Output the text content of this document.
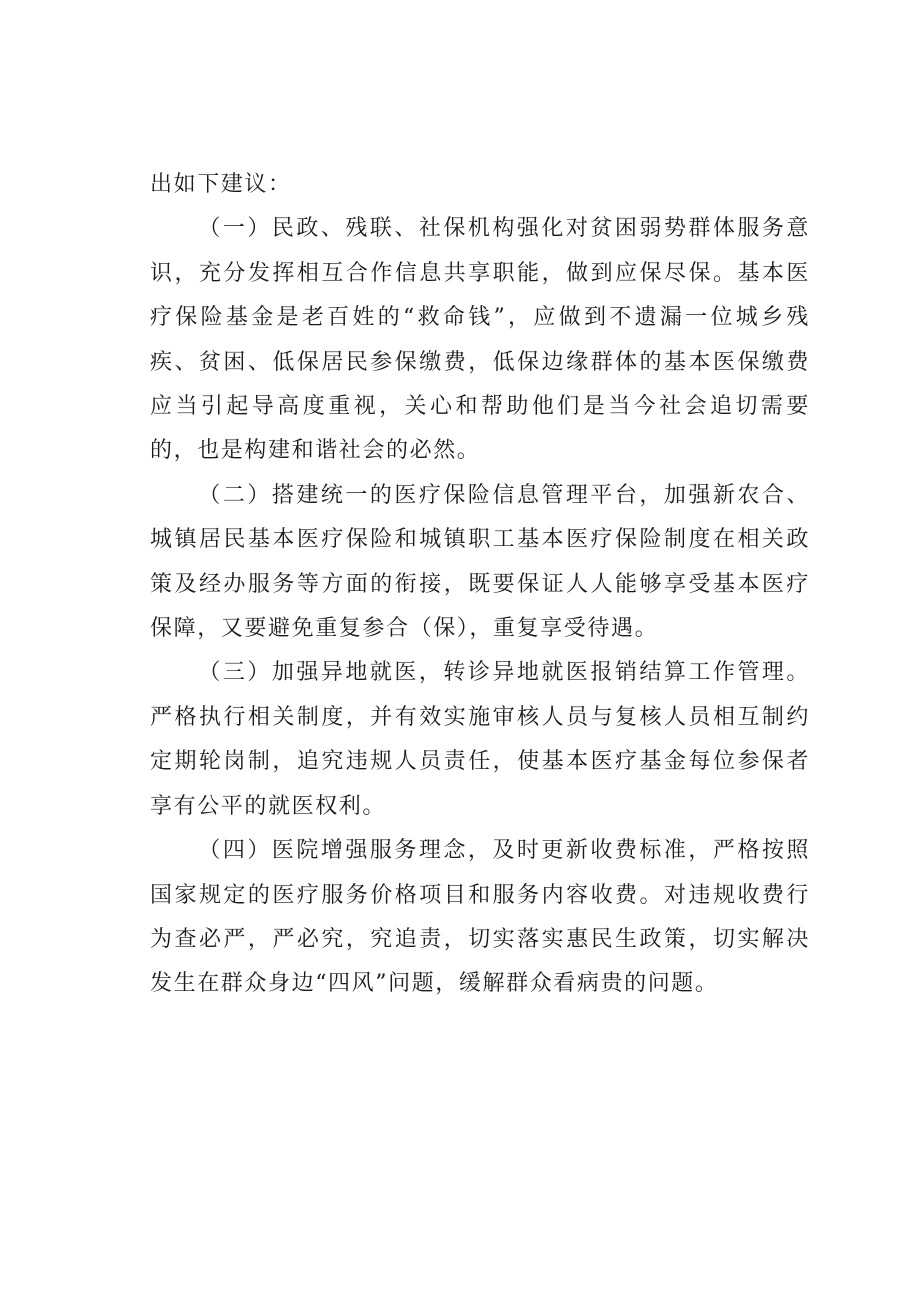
出如下建议：

（一）民政、残联、社保机构强化对贫困弱势群体服务意识，充分发挥相互合作信息共享职能，做到应保尽保。基本医疗保险基金是老百姓的“救命钱”，应做到不遗漏一位城乡残疾、贫困、低保居民参保缴费，低保边缘群体的基本医保缴费应当引起导高度重视，关心和帮助他们是当今社会追切需要的，也是构建和谐社会的必然。

（二）搭建统一的医疗保险信息管理平台，加强新农合、城镇居民基本医疗保险和城镇职工基本医疗保险制度在相关政策及经办服务等方面的衔接，既要保证人人能够享受基本医疗保障，又要避免重复参合（保），重复享受待遇。

（三）加强异地就医，转诊异地就医报销结算工作管理。严格执行相关制度，并有效实施审核人员与复核人员相互制约定期轮岗制，追究违规人员责任，使基本医疗基金每位参保者享有公平的就医权利。

（四）医院增强服务理念，及时更新收费标准，严格按照国家规定的医疗服务价格项目和服务内容收费。对违规收费行为查必严，严必究，究追责，切实落实惠民生政策，切实解决发生在群众身边“四风”问题，缓解群众看病贵的问题。
